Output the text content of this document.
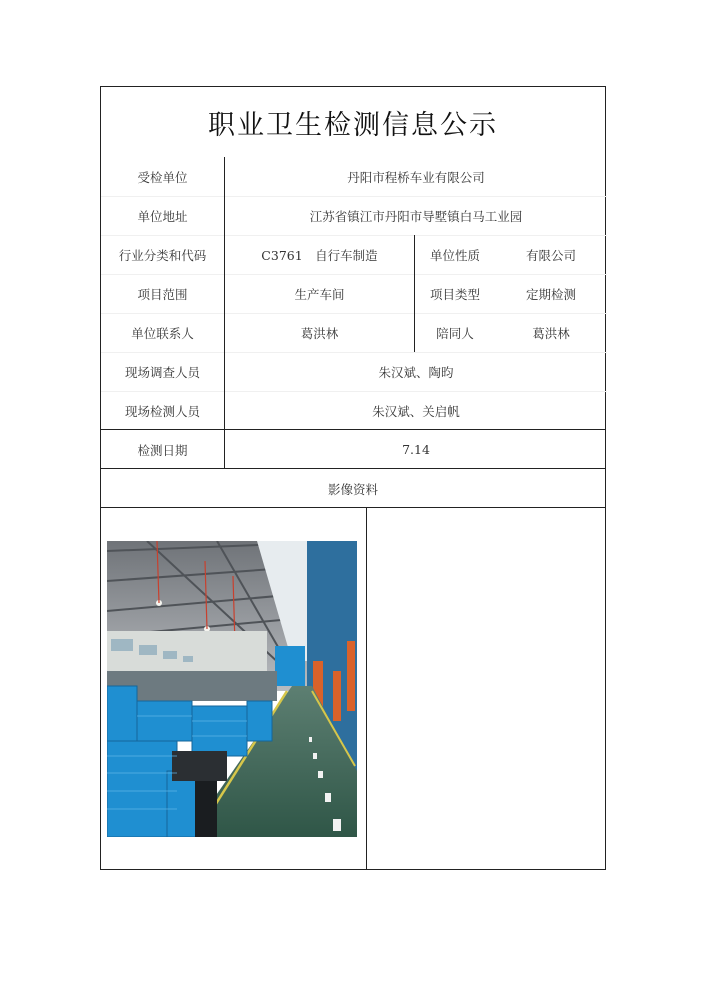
职业卫生检测信息公示
受检单位	丹阳市程桥车业有限公司
单位地址	江苏省镇江市丹阳市导墅镇白马工业园
行业分类和代码	C3761　自行车制造	单位性质	有限公司
项目范围	生产车间	项目类型	定期检测
单位联系人	葛洪林	陪同人	葛洪林
现场调查人员	朱汉斌、陶昀
现场检测人员	朱汉斌、关启帆
检测日期	7.14
影像资料
